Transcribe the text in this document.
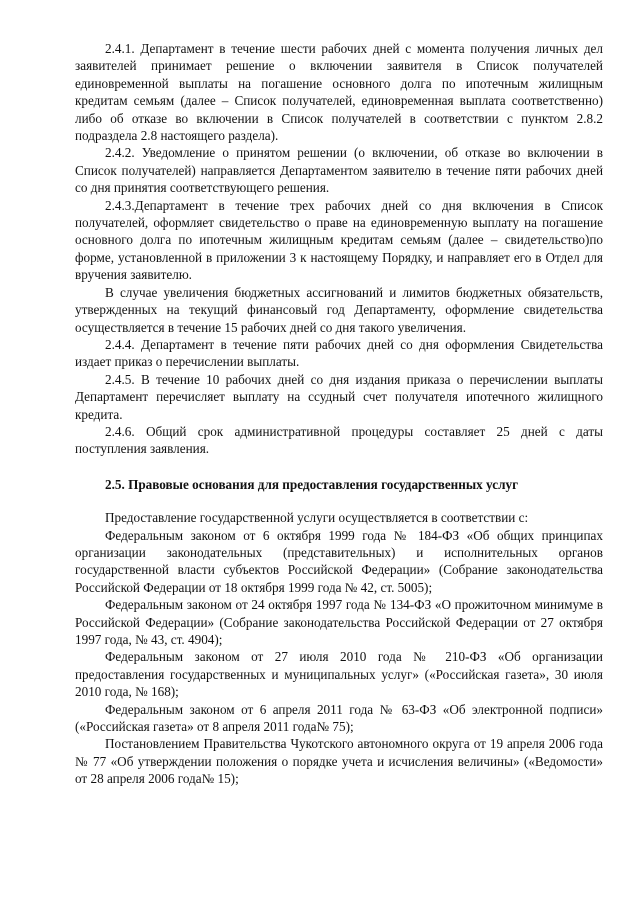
2.4.1. Департамент в течение шести рабочих дней с момента получения личных дел заявителей принимает решение о включении заявителя в Список получателей единовременной выплаты на погашение основного долга по ипотечным жилищным кредитам семьям (далее – Список получателей, единовременная выплата соответственно) либо об отказе во включении в Список получателей в соответствии с пунктом 2.8.2 подраздела 2.8 настоящего раздела).

2.4.2. Уведомление о принятом решении (о включении, об отказе во включении в Список получателей) направляется Департаментом заявителю в течение пяти рабочих дней со дня принятия соответствующего решения.

2.4.3.Департамент в течение трех рабочих дней со дня включения в Список получателей, оформляет свидетельство о праве на единовременную выплату на погашение основного долга по ипотечным жилищным кредитам семьям (далее – свидетельство)по форме, установленной в приложении 3 к настоящему Порядку, и направляет его в Отдел для вручения заявителю.

В случае увеличения бюджетных ассигнований и лимитов бюджетных обязательств, утвержденных на текущий финансовый год Департаменту, оформление свидетельства осуществляется в течение 15 рабочих дней со дня такого увеличения.

2.4.4. Департамент в течение пяти рабочих дней со дня оформления Свидетельства издает приказ о перечислении выплаты.

2.4.5. В течение 10 рабочих дней со дня издания приказа о перечислении выплаты Департамент перечисляет выплату на ссудный счет получателя ипотечного жилищного кредита.

2.4.6. Общий срок административной процедуры составляет 25 дней с даты поступления заявления.

2.5. Правовые основания для предоставления государственных услуг

Предоставление государственной услуги осуществляется в соответствии с:

Федеральным законом от 6 октября 1999 года № 184-ФЗ «Об общих принципах организации законодательных (представительных) и исполнительных органов государственной власти субъектов Российской Федерации» (Собрание законодательства Российской Федерации от 18 октября 1999 года № 42, ст. 5005);

Федеральным законом от 24 октября 1997 года № 134-ФЗ «О прожиточном минимуме в Российской Федерации» (Собрание законодательства Российской Федерации от 27 октября 1997 года, № 43, ст. 4904);

Федеральным законом от 27 июля 2010 года № 210-ФЗ «Об организации предоставления государственных и муниципальных услуг» («Российская газета», 30 июля 2010 года, № 168);

Федеральным законом от 6 апреля 2011 года № 63-ФЗ «Об электронной подписи» («Российская газета» от 8 апреля 2011 года№ 75);

Постановлением Правительства Чукотского автономного округа от 19 апреля 2006 года № 77 «Об утверждении положения о порядке учета и исчисления величины» («Ведомости» от 28 апреля 2006 года№ 15);
